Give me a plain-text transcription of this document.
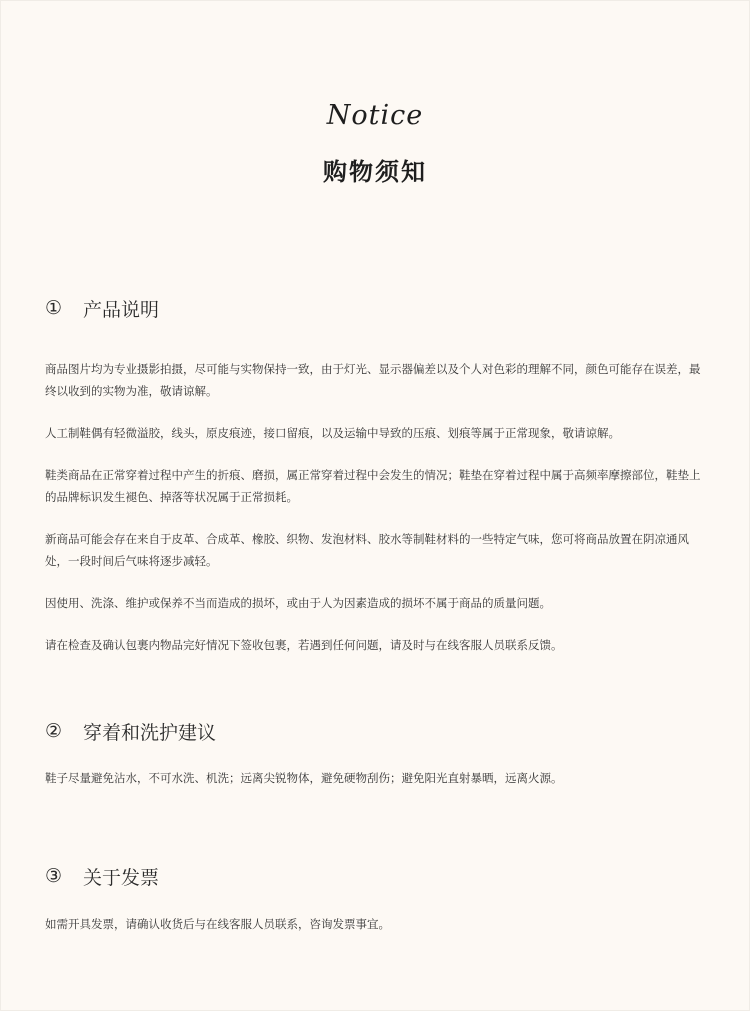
Notice
购物须知
①	产品说明

商品图片均为专业摄影拍摄，尽可能与实物保持一致，由于灯光、显示器偏差以及个人对色彩的理解不同，颜色可能存在误差，最终以收到的实物为准，敬请谅解。

人工制鞋偶有轻微溢胶，线头，原皮痕迹，接口留痕，以及运输中导致的压痕、划痕等属于正常现象，敬请谅解。

鞋类商品在正常穿着过程中产生的折痕、磨损，属正常穿着过程中会发生的情况；鞋垫在穿着过程中属于高频率摩擦部位，鞋垫上的品牌标识发生褪色、掉落等状况属于正常损耗。

新商品可能会存在来自于皮革、合成革、橡胶、织物、发泡材料、胶水等制鞋材料的一些特定气味，您可将商品放置在阴凉通风处，一段时间后气味将逐步减轻。

因使用、洗涤、维护或保养不当而造成的损坏，或由于人为因素造成的损坏不属于商品的质量问题。

请在检查及确认包裹内物品完好情况下签收包裹，若遇到任何问题，请及时与在线客服人员联系反馈。

②	穿着和洗护建议

鞋子尽量避免沾水，不可水洗、机洗；远离尖锐物体，避免硬物刮伤；避免阳光直射暴晒，远离火源。

③	关于发票

如需开具发票，请确认收货后与在线客服人员联系，咨询发票事宜。
